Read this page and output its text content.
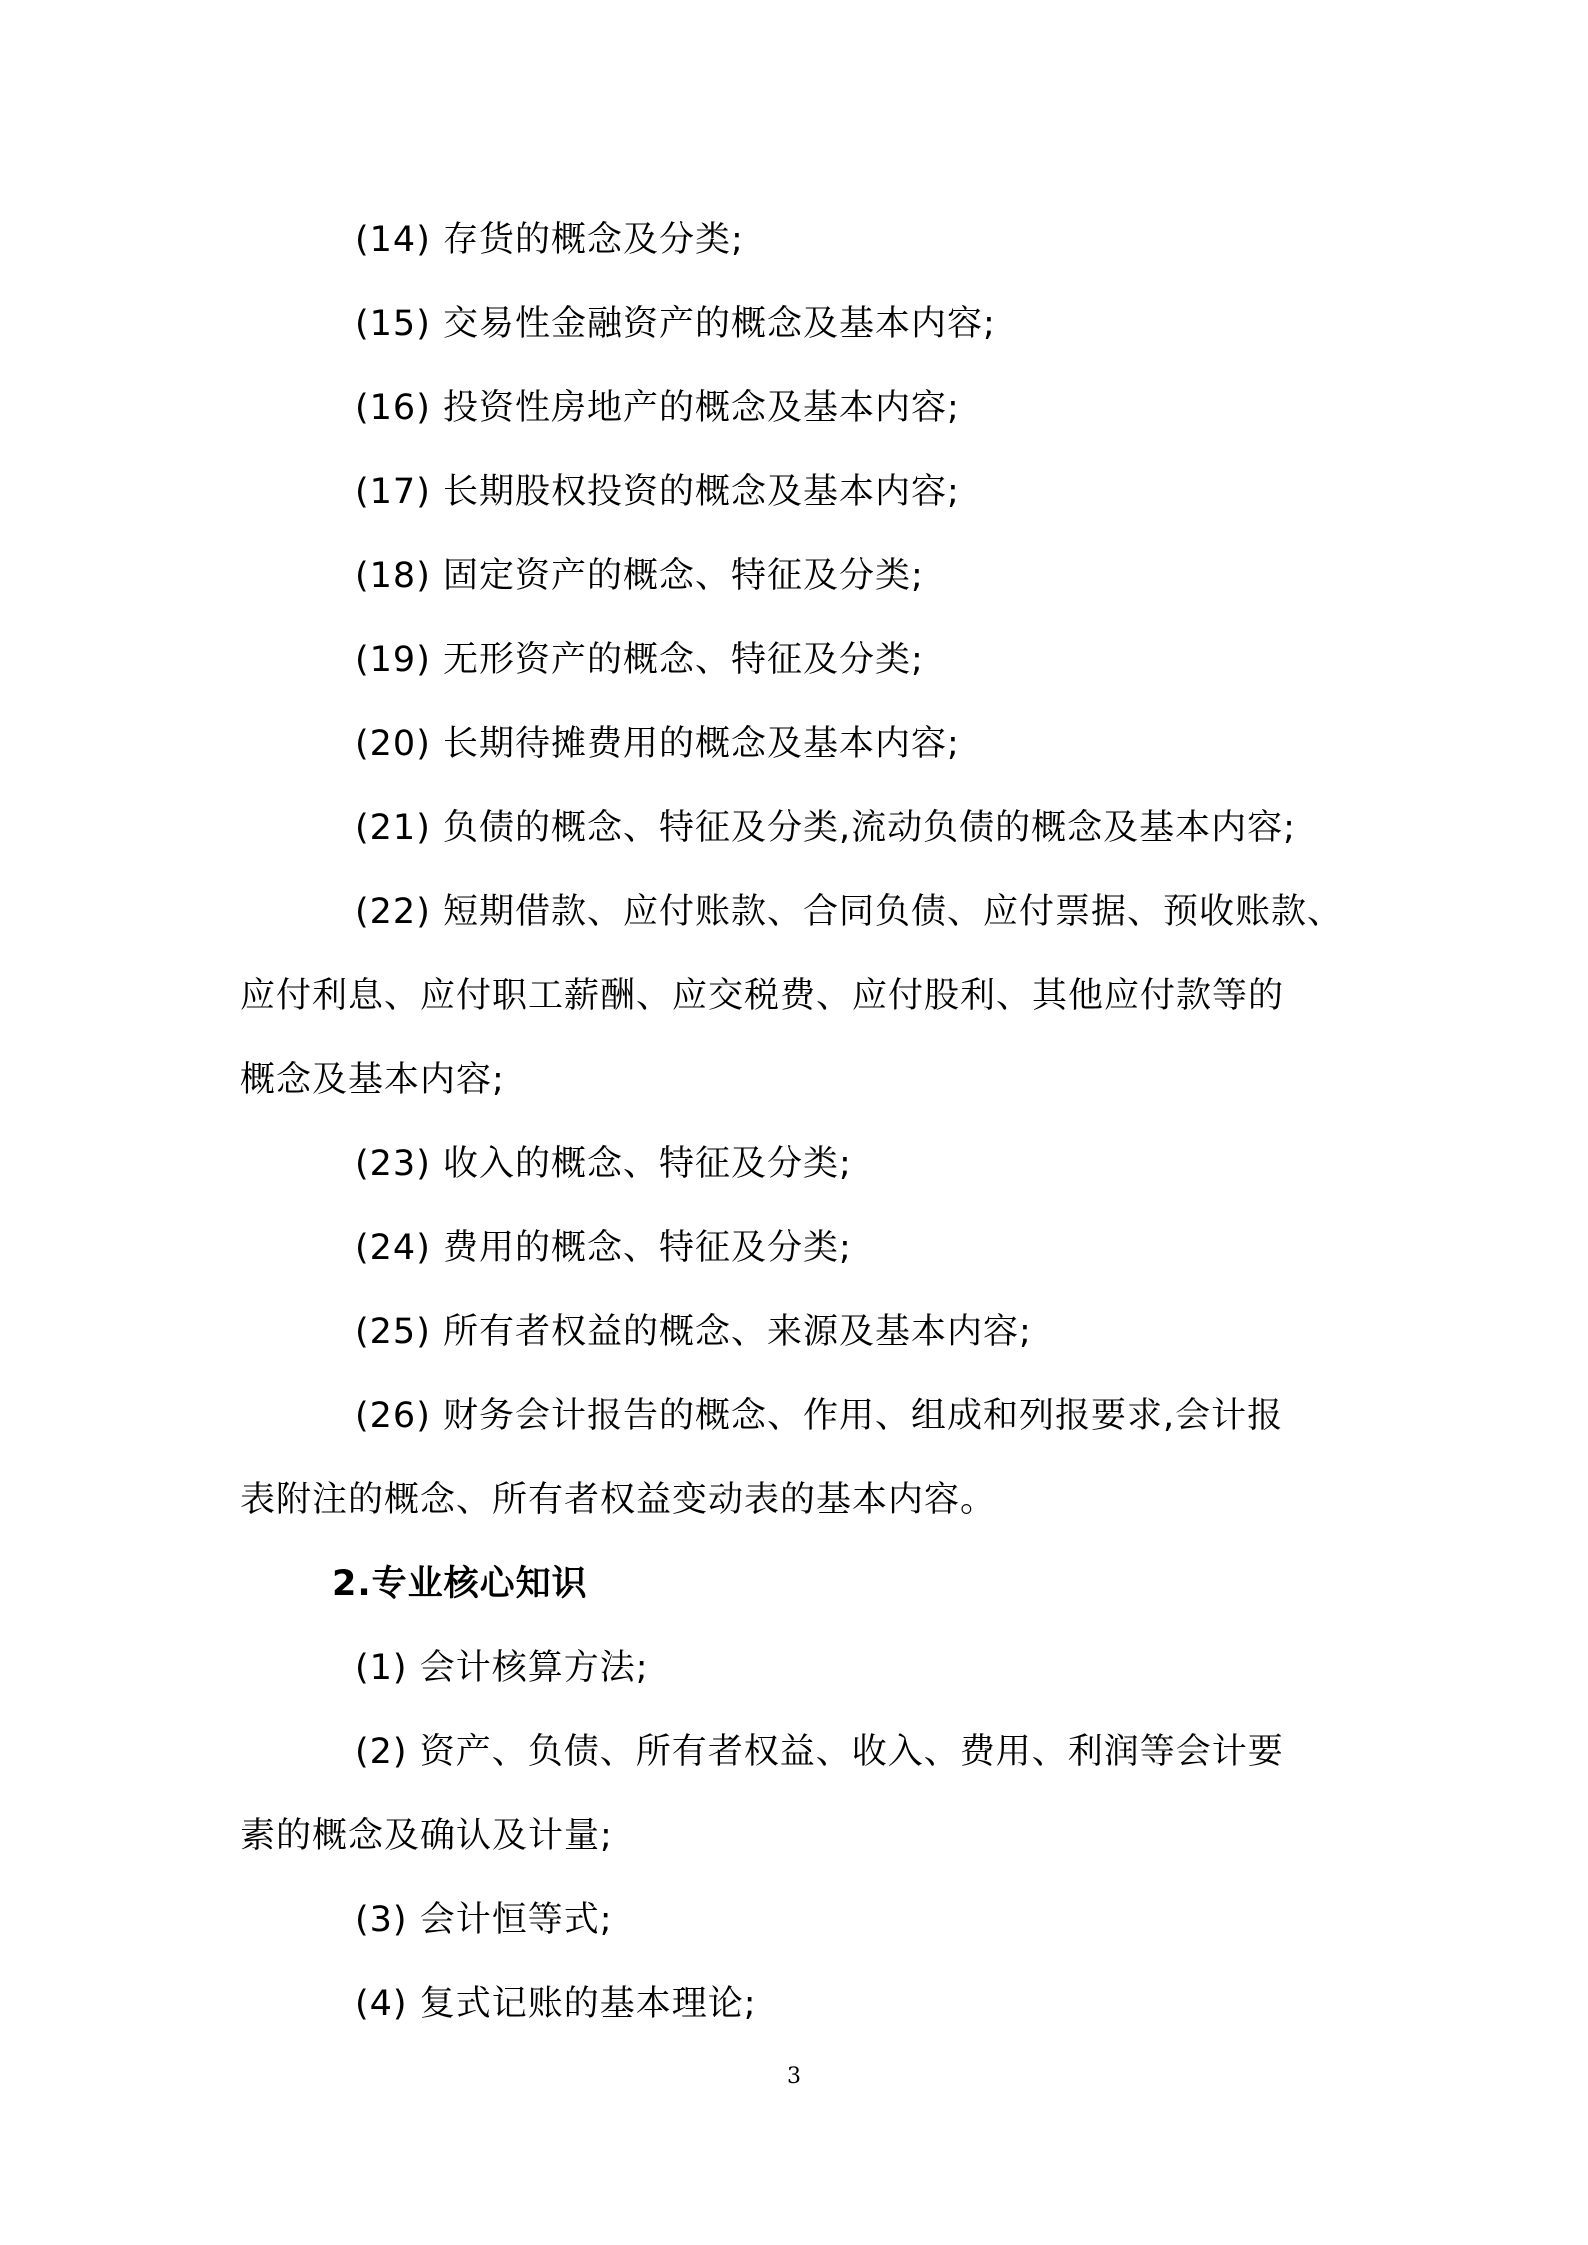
(14) 存货的概念及分类;
(15) 交易性金融资产的概念及基本内容;
(16) 投资性房地产的概念及基本内容;
(17) 长期股权投资的概念及基本内容;
(18) 固定资产的概念、特征及分类;
(19) 无形资产的概念、特征及分类;
(20) 长期待摊费用的概念及基本内容;
(21) 负债的概念、特征及分类,流动负债的概念及基本内容;
(22) 短期借款、应付账款、合同负债、应付票据、预收账款、
应付利息、应付职工薪酬、应交税费、应付股利、其他应付款等的
概念及基本内容;
(23) 收入的概念、特征及分类;
(24) 费用的概念、特征及分类;
(25) 所有者权益的概念、来源及基本内容;
(26) 财务会计报告的概念、作用、组成和列报要求,会计报
表附注的概念、所有者权益变动表的基本内容。
2.专业核心知识
(1) 会计核算方法;
(2) 资产、负债、所有者权益、收入、费用、利润等会计要
素的概念及确认及计量;
(3) 会计恒等式;
(4) 复式记账的基本理论;
3
